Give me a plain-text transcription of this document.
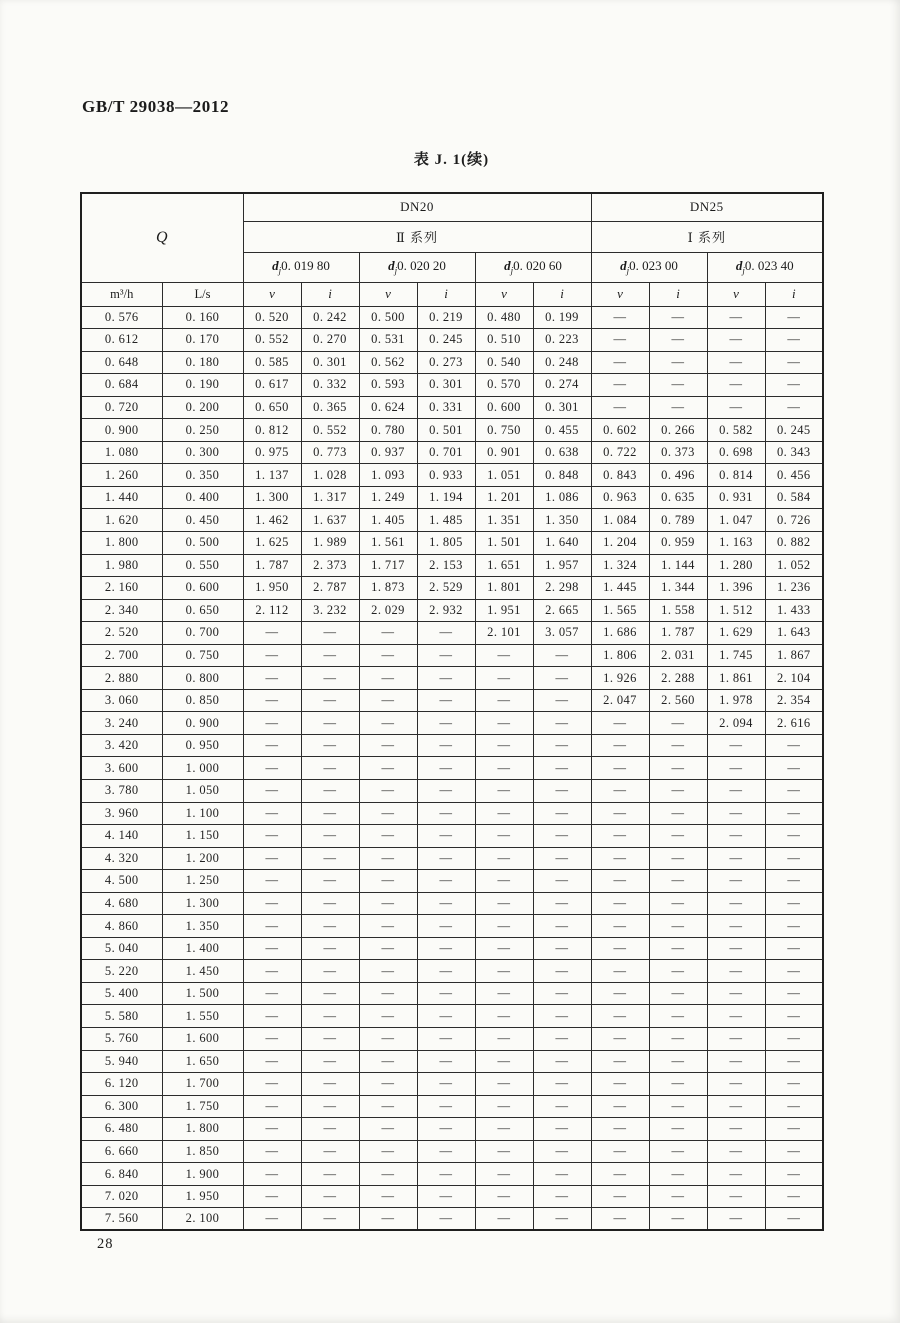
GB/T 29038—2012
表 J. 1(续)
Q		DN20						DN25			
		Ⅱ 系列						Ⅰ 系列			
		$d_j0$. 019 80		$d_j0$. 020 20		$d_j0$. 020 60		$d_j0$. 023 00		$d_j0$. 023 40	
m³/h	L/s	v	i	v	i	v	i	v	i	v	i
0. 576	0. 160	0. 520	0. 242	0. 500	0. 219	0. 480	0. 199	—	—	—	—
0. 612	0. 170	0. 552	0. 270	0. 531	0. 245	0. 510	0. 223	—	—	—	—
0. 648	0. 180	0. 585	0. 301	0. 562	0. 273	0. 540	0. 248	—	—	—	—
0. 684	0. 190	0. 617	0. 332	0. 593	0. 301	0. 570	0. 274	—	—	—	—
0. 720	0. 200	0. 650	0. 365	0. 624	0. 331	0. 600	0. 301	—	—	—	—
0. 900	0. 250	0. 812	0. 552	0. 780	0. 501	0. 750	0. 455	0. 602	0. 266	0. 582	0. 245
1. 080	0. 300	0. 975	0. 773	0. 937	0. 701	0. 901	0. 638	0. 722	0. 373	0. 698	0. 343
1. 260	0. 350	1. 137	1. 028	1. 093	0. 933	1. 051	0. 848	0. 843	0. 496	0. 814	0. 456
1. 440	0. 400	1. 300	1. 317	1. 249	1. 194	1. 201	1. 086	0. 963	0. 635	0. 931	0. 584
1. 620	0. 450	1. 462	1. 637	1. 405	1. 485	1. 351	1. 350	1. 084	0. 789	1. 047	0. 726
1. 800	0. 500	1. 625	1. 989	1. 561	1. 805	1. 501	1. 640	1. 204	0. 959	1. 163	0. 882
1. 980	0. 550	1. 787	2. 373	1. 717	2. 153	1. 651	1. 957	1. 324	1. 144	1. 280	1. 052
2. 160	0. 600	1. 950	2. 787	1. 873	2. 529	1. 801	2. 298	1. 445	1. 344	1. 396	1. 236
2. 340	0. 650	2. 112	3. 232	2. 029	2. 932	1. 951	2. 665	1. 565	1. 558	1. 512	1. 433
2. 520	0. 700	—	—	—	—	2. 101	3. 057	1. 686	1. 787	1. 629	1. 643
2. 700	0. 750	—	—	—	—	—	—	1. 806	2. 031	1. 745	1. 867
2. 880	0. 800	—	—	—	—	—	—	1. 926	2. 288	1. 861	2. 104
3. 060	0. 850	—	—	—	—	—	—	2. 047	2. 560	1. 978	2. 354
3. 240	0. 900	—	—	—	—	—	—	—	—	2. 094	2. 616
3. 420	0. 950	—	—	—	—	—	—	—	—	—	—
3. 600	1. 000	—	—	—	—	—	—	—	—	—	—
3. 780	1. 050	—	—	—	—	—	—	—	—	—	—
3. 960	1. 100	—	—	—	—	—	—	—	—	—	—
4. 140	1. 150	—	—	—	—	—	—	—	—	—	—
4. 320	1. 200	—	—	—	—	—	—	—	—	—	—
4. 500	1. 250	—	—	—	—	—	—	—	—	—	—
4. 680	1. 300	—	—	—	—	—	—	—	—	—	—
4. 860	1. 350	—	—	—	—	—	—	—	—	—	—
5. 040	1. 400	—	—	—	—	—	—	—	—	—	—
5. 220	1. 450	—	—	—	—	—	—	—	—	—	—
5. 400	1. 500	—	—	—	—	—	—	—	—	—	—
5. 580	1. 550	—	—	—	—	—	—	—	—	—	—
5. 760	1. 600	—	—	—	—	—	—	—	—	—	—
5. 940	1. 650	—	—	—	—	—	—	—	—	—	—
6. 120	1. 700	—	—	—	—	—	—	—	—	—	—
6. 300	1. 750	—	—	—	—	—	—	—	—	—	—
6. 480	1. 800	—	—	—	—	—	—	—	—	—	—
6. 660	1. 850	—	—	—	—	—	—	—	—	—	—
6. 840	1. 900	—	—	—	—	—	—	—	—	—	—
7. 020	1. 950	—	—	—	—	—	—	—	—	—	—
7. 560	2. 100	—	—	—	—	—	—	—	—	—	—
28
